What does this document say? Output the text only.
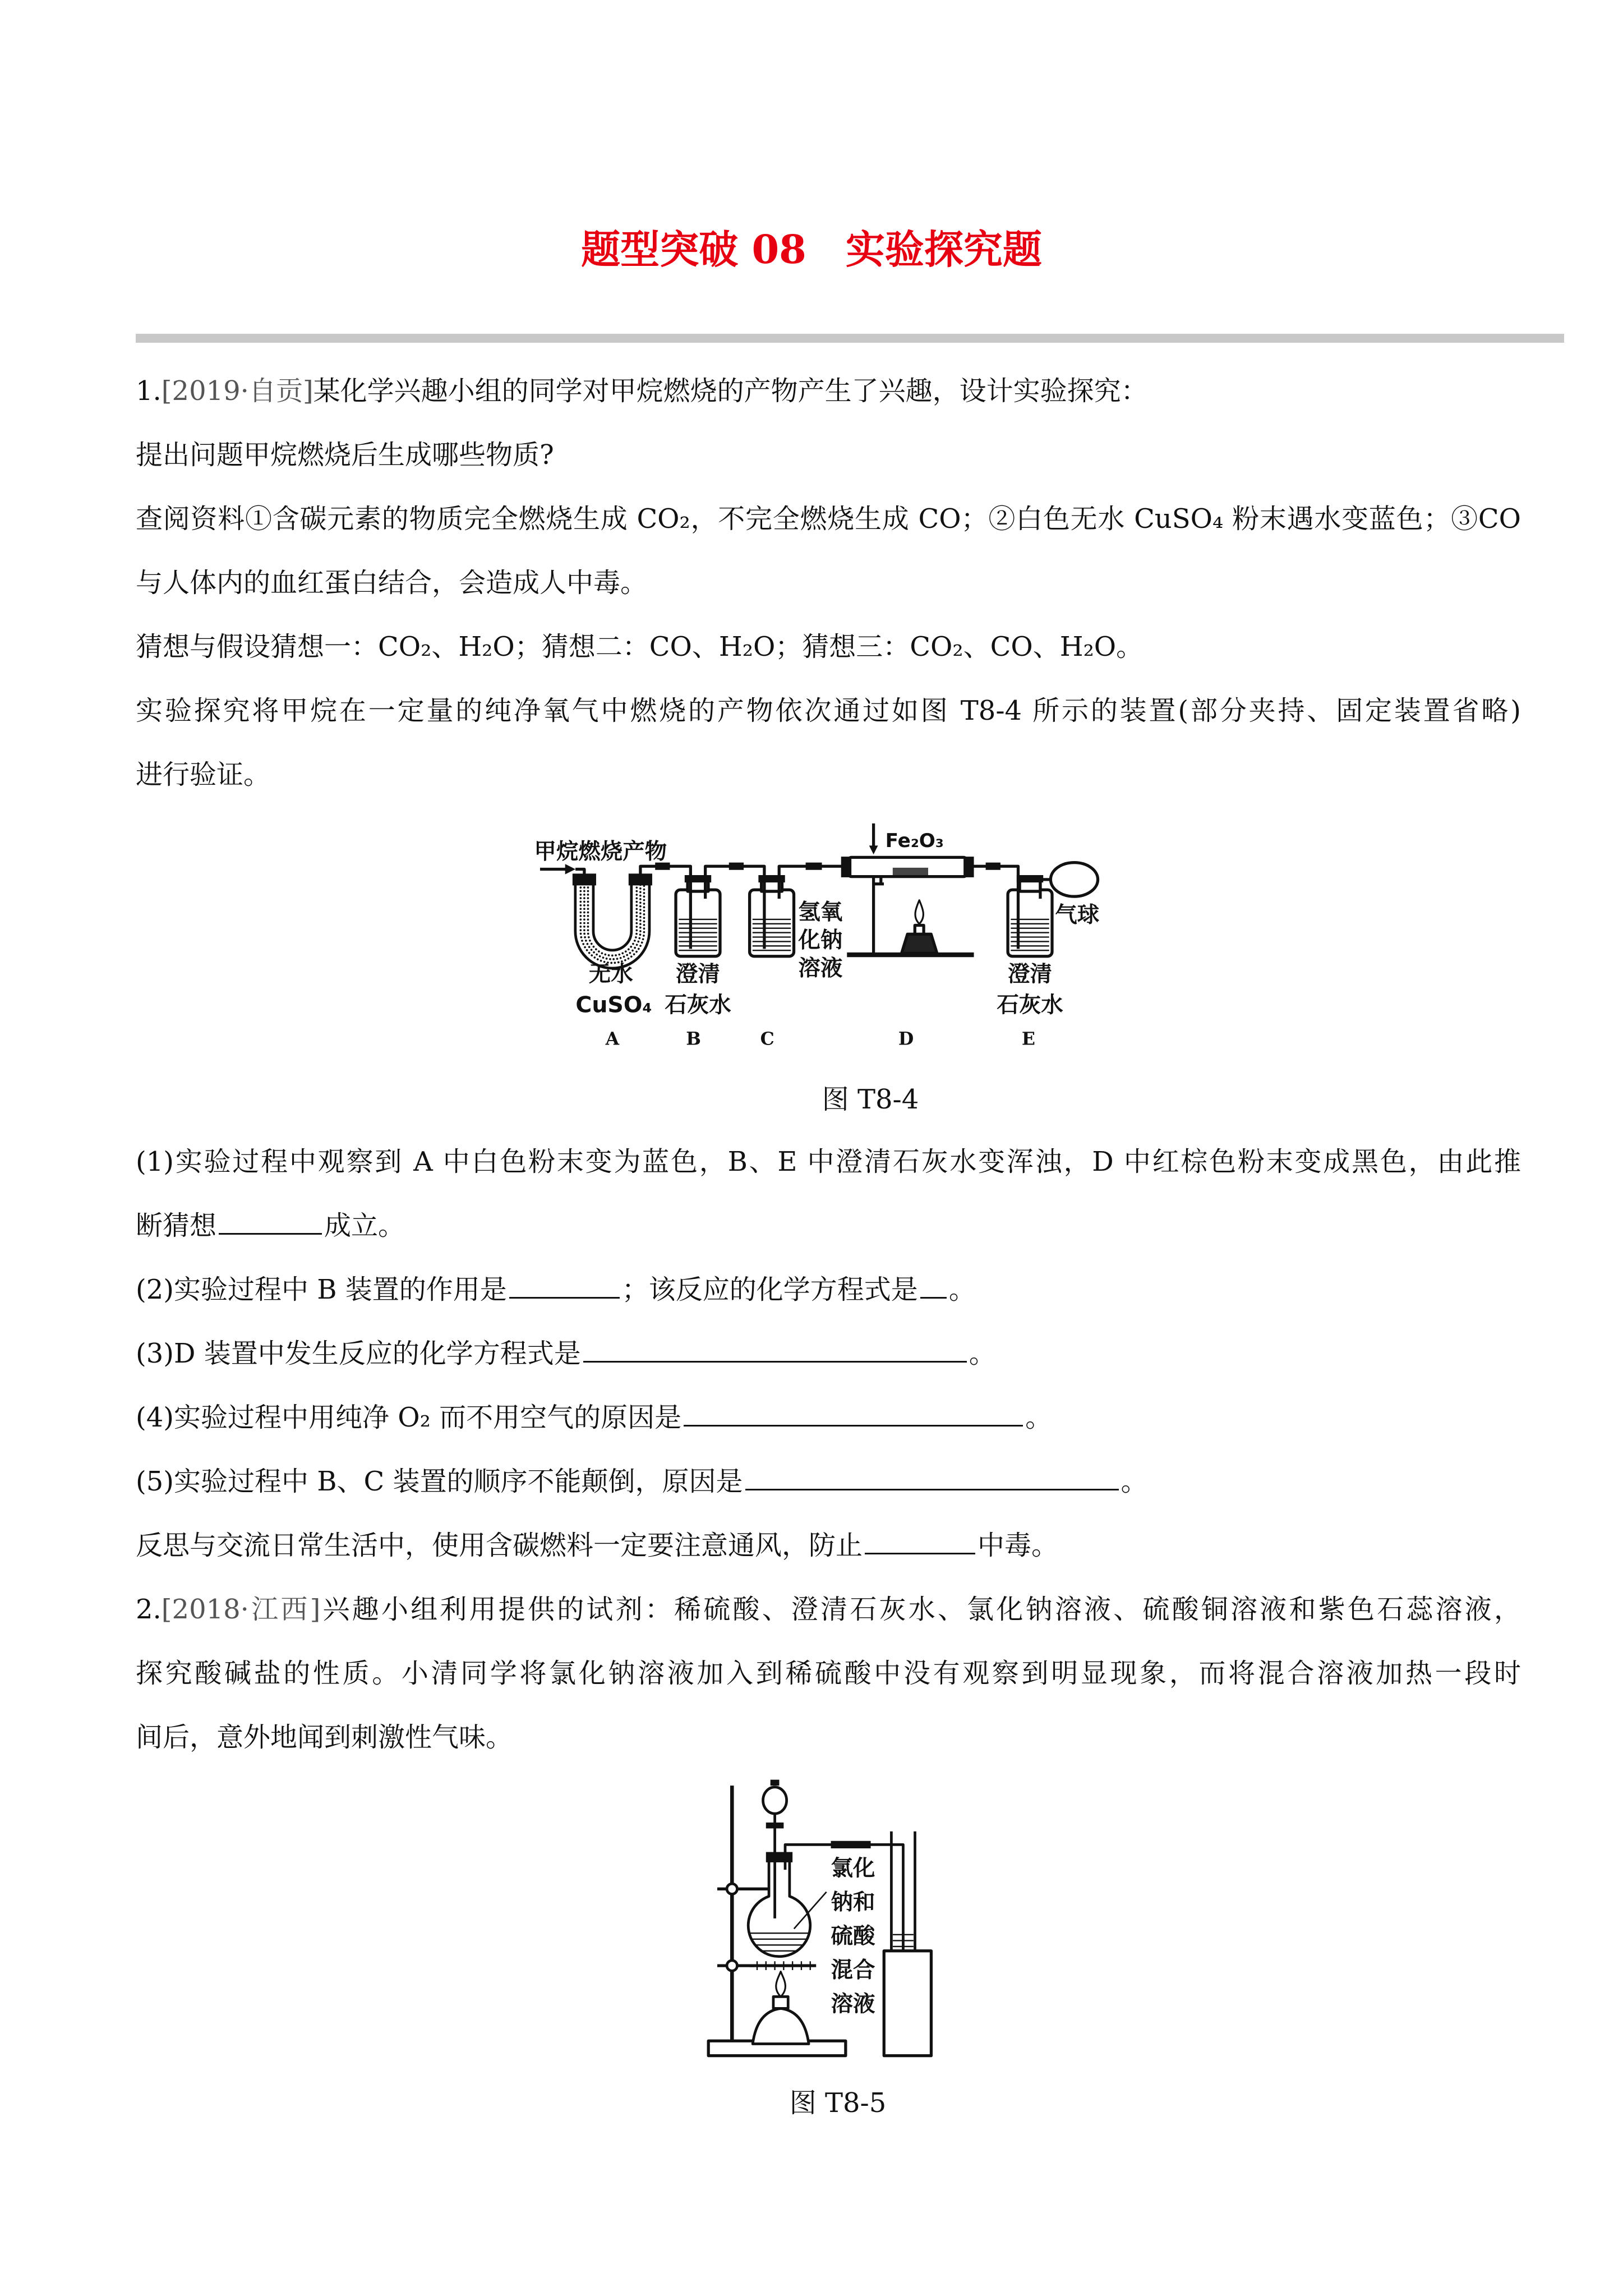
题型突破 08　实验探究题
1.[2019·自贡]某化学兴趣小组的同学对甲烷燃烧的产物产生了兴趣，设计实验探究：
提出问题甲烷燃烧后生成哪些物质?
查阅资料①含碳元素的物质完全燃烧生成 CO₂，不完全燃烧生成 CO；②白色无水 CuSO₄ 粉末遇水变蓝色；③CO
与人体内的血红蛋白结合，会造成人中毒。
猜想与假设猜想一：CO₂、H₂O；猜想二：CO、H₂O；猜想三：CO₂、CO、H₂O。
实验探究将甲烷在一定量的纯净氧气中燃烧的产物依次通过如图 T8-4 所示的装置(部分夹持、固定装置省略)
进行验证。
甲烷燃烧产物	Fe₂O₃
氢氧
化钠
溶液
气球
无水
CuSO₄
澄清
石灰水
澄清
石灰水
A	B	C	D	E
图 T8-4
(1)实验过程中观察到 A 中白色粉末变为蓝色，B、E 中澄清石灰水变浑浊，D 中红棕色粉末变成黑色，由此推
断猜想	成立。
(2)实验过程中 B 装置的作用是	；该反应的化学方程式是 。
(3)D 装置中发生反应的化学方程式是	。
(4)实验过程中用纯净 O₂ 而不用空气的原因是	。
(5)实验过程中 B、C 装置的顺序不能颠倒，原因是	。
反思与交流日常生活中，使用含碳燃料一定要注意通风，防止	中毒。
2.[2018·江西]兴趣小组利用提供的试剂：稀硫酸、澄清石灰水、氯化钠溶液、硫酸铜溶液和紫色石蕊溶液，
探究酸碱盐的性质。小清同学将氯化钠溶液加入到稀硫酸中没有观察到明显现象，而将混合溶液加热一段时
间后，意外地闻到刺激性气味。
氯化
钠和
硫酸
混合
溶液
图 T8-5
